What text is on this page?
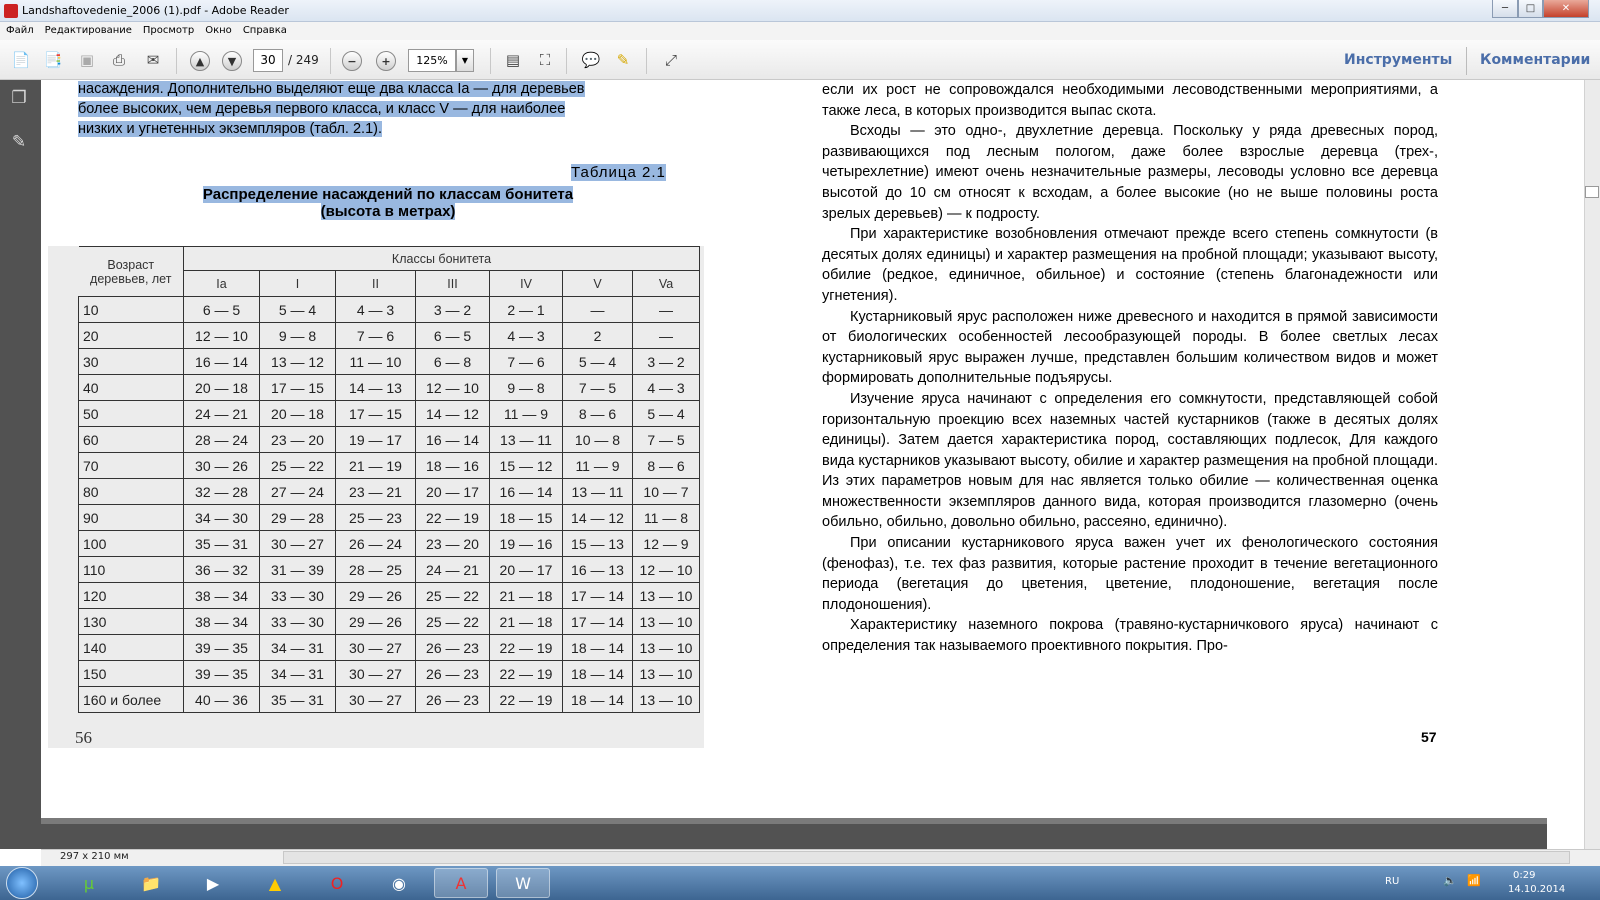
Landshaftovedenie_2006 (1).pdf - Adobe Reader	─	□	✕
Файл Редактирование Просмотр Окно Справка
📄 📑	▣	⎙	✉	▲	▼	30	/ 249	−	+	125%	▼	▤	⛶	💬	✎	⤢	Инструменты Комментарии
❐
✎
насаждения. Дополнительно выделяют еще два класса Ia — для деревьев
более высоких, чем деревья первого класса, и класс V — для наиболее
низких и угнетенных экземпляров (табл. 2.1).
Таблица 2.1
Распределение насаждений по классам бонитета
(высота в метрах)
Возраст деревьев, лет	Классы бонитета						
	Ia	I	II	III	IV	V	Va
10	6 — 5	5 — 4	4 — 3	3 — 2	2 — 1	—	—
20	12 — 10	9 — 8	7 — 6	6 — 5	4 — 3	2	—
30	16 — 14	13 — 12	11 — 10	6 — 8	7 — 6	5 — 4	3 — 2
40	20 — 18	17 — 15	14 — 13	12 — 10	9 — 8	7 — 5	4 — 3
50	24 — 21	20 — 18	17 — 15	14 — 12	11 — 9	8 — 6	5 — 4
60	28 — 24	23 — 20	19 — 17	16 — 14	13 — 11	10 — 8	7 — 5
70	30 — 26	25 — 22	21 — 19	18 — 16	15 — 12	11 — 9	8 — 6
80	32 — 28	27 — 24	23 — 21	20 — 17	16 — 14	13 — 11	10 — 7
90	34 — 30	29 — 28	25 — 23	22 — 19	18 — 15	14 — 12	11 — 8
100	35 — 31	30 — 27	26 — 24	23 — 20	19 — 16	15 — 13	12 — 9
110	36 — 32	31 — 39	28 — 25	24 — 21	20 — 17	16 — 13	12 — 10
120	38 — 34	33 — 30	29 — 26	25 — 22	21 — 18	17 — 14	13 — 10
130	38 — 34	33 — 30	29 — 26	25 — 22	21 — 18	17 — 14	13 — 10
140	39 — 35	34 — 31	30 — 27	26 — 23	22 — 19	18 — 14	13 — 10
150	39 — 35	34 — 31	30 — 27	26 — 23	22 — 19	18 — 14	13 — 10
160 и более	40 — 36	35 — 31	30 — 27	26 — 23	22 — 19	18 — 14	13 — 10
56

если их рост не сопровождался необходимыми лесоводственными мероприятиями, а также леса, в которых производится выпас скота.

Всходы — это одно-, двухлетние деревца. Поскольку у ряда древесных пород, развивающихся под лесным пологом, даже более взрослые деревца (трех-, четырехлетние) имеют очень незначительные размеры, лесоводы условно все деревца высотой до 10 см относят к всходам, а более высокие (но не выше половины роста зрелых деревьев) — к подросту.

При характеристике возобновления отмечают прежде всего степень сомкнутости (в десятых долях единицы) и характер размещения на пробной площади; указывают высоту, обилие (редкое, единичное, обильное) и состояние (степень благонадежности или угнетения).

Кустарниковый ярус расположен ниже древесного и находится в прямой зависимости от биологических особенностей лесообразующей породы. В более светлых лесах кустарниковый ярус выражен лучше, представлен большим количеством видов и может формировать дополнительные подъярусы.

Изучение яруса начинают с определения его сомкнутости, представляющей собой горизонтальную проекцию всех наземных частей кустарников (также в десятых долях единицы). Затем дается характеристика пород, составляющих подлесок, Для каждого вида кустарников указывают высоту, обилие и характер размещения на пробной площади. Из этих параметров новым для нас является только обилие — количественная оценка множественности экземпляров данного вида, которая производится глазомерно (очень обильно, обильно, довольно обильно, рассеяно, единично).

При описании кустарникового яруса важен учет их фенологического состояния (фенофаз), т.е. тех фаз развития, которые растение проходит в течение вегетационного периода (вегетация до цветения, цветение, плодоношение, вегетация после плодоношения).

Характеристику наземного покрова (травяно-кустарничкового яруса) начинают с определения так называемого проективного покрытия. Про-

57
297 x 210 мм
µ	📁	▶	▲	O	◉	A	W	RU	🔈 📶	0:29
14.10.2014
